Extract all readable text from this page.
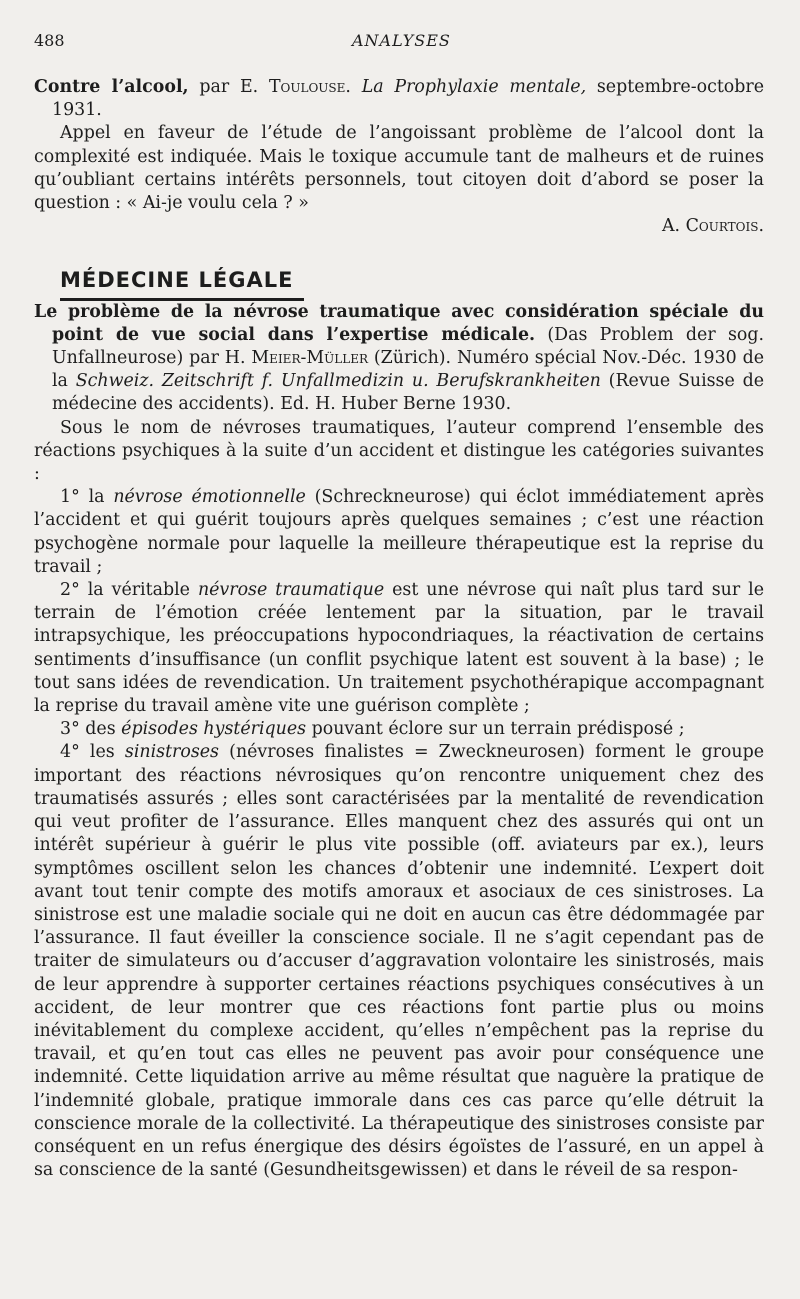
488	ANALYSES

Contre l’alcool, par E. Toulouse. La Prophylaxie mentale, septembre-octobre 1931.

Appel en faveur de l’étude de l’angoissant problème de l’alcool dont la complexité est indiquée. Mais le toxique accumule tant de malheurs et de ruines qu’oubliant certains intérêts personnels, tout citoyen doit d’abord se poser la question : « Ai-je voulu cela ? »

A. Courtois.

MÉDECINE LÉGALE

Le problème de la névrose traumatique avec considération spéciale du point de vue social dans l’expertise médicale. (Das Problem der sog. Unfallneurose) par H. Meier-Müller (Zürich). Numéro spécial Nov.-Déc. 1930 de la Schweiz. Zeitschrift f. Unfallmedizin u. Berufskrankheiten (Revue Suisse de médecine des accidents). Ed. H. Huber Berne 1930.

Sous le nom de névroses traumatiques, l’auteur comprend l’ensemble des réactions psychiques à la suite d’un accident et distingue les catégories suivantes :

1° la névrose émotionnelle (Schreckneurose) qui éclot immédiatement après l’accident et qui guérit toujours après quelques semaines ; c’est une réaction psychogène normale pour laquelle la meilleure thérapeutique est la reprise du travail ;

2° la véritable névrose traumatique est une névrose qui naît plus tard sur le terrain de l’émotion créée lentement par la situation, par le travail intrapsychique, les préoccupations hypocondriaques, la réactivation de certains sentiments d’insuffisance (un conflit psychique latent est souvent à la base) ; le tout sans idées de revendication. Un traitement psychothérapique accompagnant la reprise du travail amène vite une guérison complète ;

3° des épisodes hystériques pouvant éclore sur un terrain prédisposé ;

4° les sinistroses (névroses finalistes = Zweckneurosen) forment le groupe important des réactions névrosiques qu’on rencontre uniquement chez des traumatisés assurés ; elles sont caractérisées par la mentalité de revendication qui veut profiter de l’assurance. Elles manquent chez des assurés qui ont un intérêt supérieur à guérir le plus vite possible (off. aviateurs par ex.), leurs symptômes oscillent selon les chances d’obtenir une indemnité. L’expert doit avant tout tenir compte des motifs amoraux et asociaux de ces sinistroses. La sinistrose est une maladie sociale qui ne doit en aucun cas être dédommagée par l’assurance. Il faut éveiller la conscience sociale. Il ne s’agit cependant pas de traiter de simulateurs ou d’accuser d’aggravation volontaire les sinistrosés, mais de leur apprendre à supporter certaines réactions psychiques consécutives à un accident, de leur montrer que ces réactions font partie plus ou moins inévitablement du complexe accident, qu’elles n’empêchent pas la reprise du travail, et qu’en tout cas elles ne peuvent pas avoir pour conséquence une indemnité. Cette liquidation arrive au même résultat que naguère la pratique de l’indemnité globale, pratique immorale dans ces cas parce qu’elle détruit la conscience morale de la collectivité. La thérapeutique des sinistroses consiste par conséquent en un refus énergique des désirs égoïstes de l’assuré, en un appel à sa conscience de la santé (Gesundheitsgewissen) et dans le réveil de sa respon-
